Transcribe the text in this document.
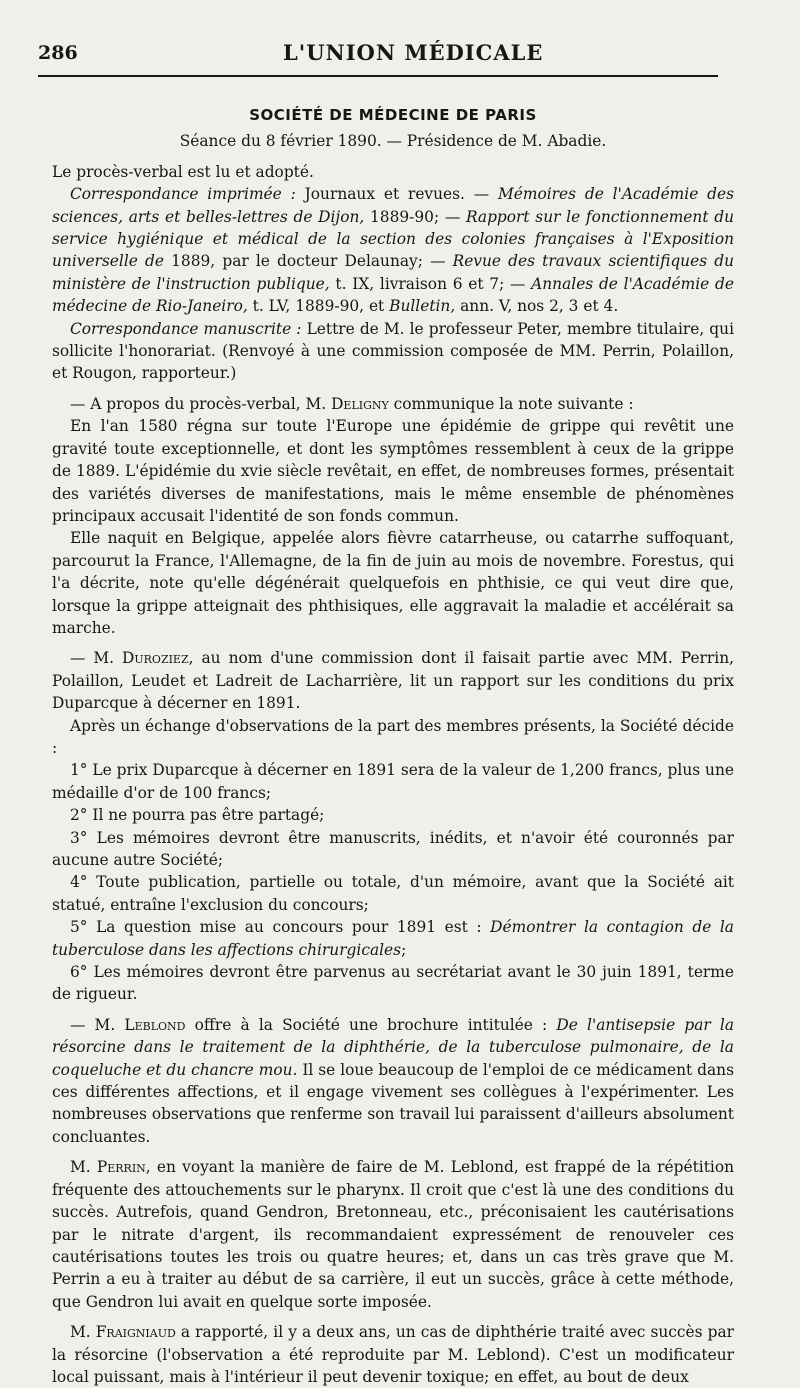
286	L'UNION MÉDICALE
SOCIÉTÉ DE MÉDECINE DE PARIS
Séance du 8 février 1890. — Présidence de M. Abadie.

Le procès-verbal est lu et adopté.

Correspondance imprimée : Journaux et revues. — Mémoires de l'Académie des sciences, arts et belles-lettres de Dijon, 1889-90; — Rapport sur le fonctionnement du service hygiénique et médical de la section des colonies françaises à l'Exposition universelle de 1889, par le docteur Delaunay; — Revue des travaux scientifiques du ministère de l'instruction publique, t. IX, livraison 6 et 7; — Annales de l'Académie de médecine de Rio-Janeiro, t. LV, 1889-90, et Bulletin, ann. V, nos 2, 3 et 4.

Correspondance manuscrite : Lettre de M. le professeur Peter, membre titulaire, qui sollicite l'honorariat. (Renvoyé à une commission composée de MM. Perrin, Polaillon, et Rougon, rapporteur.)

— A propos du procès-verbal, M. Deligny communique la note suivante :

En l'an 1580 régna sur toute l'Europe une épidémie de grippe qui revêtit une gravité toute exceptionnelle, et dont les symptômes ressemblent à ceux de la grippe de 1889. L'épidémie du xvie siècle revêtait, en effet, de nombreuses formes, présentait des variétés diverses de manifestations, mais le même ensemble de phénomènes principaux accusait l'identité de son fonds commun.

Elle naquit en Belgique, appelée alors fièvre catarrheuse, ou catarrhe suffoquant, parcourut la France, l'Allemagne, de la fin de juin au mois de novembre. Forestus, qui l'a décrite, note qu'elle dégénérait quelquefois en phthisie, ce qui veut dire que, lorsque la grippe atteignait des phthisiques, elle aggravait la maladie et accélérait sa marche.

— M. Duroziez, au nom d'une commission dont il faisait partie avec MM. Perrin, Polaillon, Leudet et Ladreit de Lacharrière, lit un rapport sur les conditions du prix Duparcque à décerner en 1891.

Après un échange d'observations de la part des membres présents, la Société décide :

1° Le prix Duparcque à décerner en 1891 sera de la valeur de 1,200 francs, plus une médaille d'or de 100 francs;

2° Il ne pourra pas être partagé;

3° Les mémoires devront être manuscrits, inédits, et n'avoir été couronnés par aucune autre Société;

4° Toute publication, partielle ou totale, d'un mémoire, avant que la Société ait statué, entraîne l'exclusion du concours;

5° La question mise au concours pour 1891 est : Démontrer la contagion de la tuberculose dans les affections chirurgicales;

6° Les mémoires devront être parvenus au secrétariat avant le 30 juin 1891, terme de rigueur.

— M. Leblond offre à la Société une brochure intitulée : De l'antisepsie par la résorcine dans le traitement de la diphthérie, de la tuberculose pulmonaire, de la coqueluche et du chancre mou. Il se loue beaucoup de l'emploi de ce médicament dans ces différentes affections, et il engage vivement ses collègues à l'expérimenter. Les nombreuses observations que renferme son travail lui paraissent d'ailleurs absolument concluantes.

M. Perrin, en voyant la manière de faire de M. Leblond, est frappé de la répétition fréquente des attouchements sur le pharynx. Il croit que c'est là une des conditions du succès. Autrefois, quand Gendron, Bretonneau, etc., préconisaient les cautérisations par le nitrate d'argent, ils recommandaient expressément de renouveler ces cautérisations toutes les trois ou quatre heures; et, dans un cas très grave que M. Perrin a eu à traiter au début de sa carrière, il eut un succès, grâce à cette méthode, que Gendron lui avait en quelque sorte imposée.

M. Fraigniaud a rapporté, il y a deux ans, un cas de diphthérie traité avec succès par la résorcine (l'observation a été reproduite par M. Leblond). C'est un modificateur local puissant, mais à l'intérieur il peut devenir toxique; en effet, au bout de deux
